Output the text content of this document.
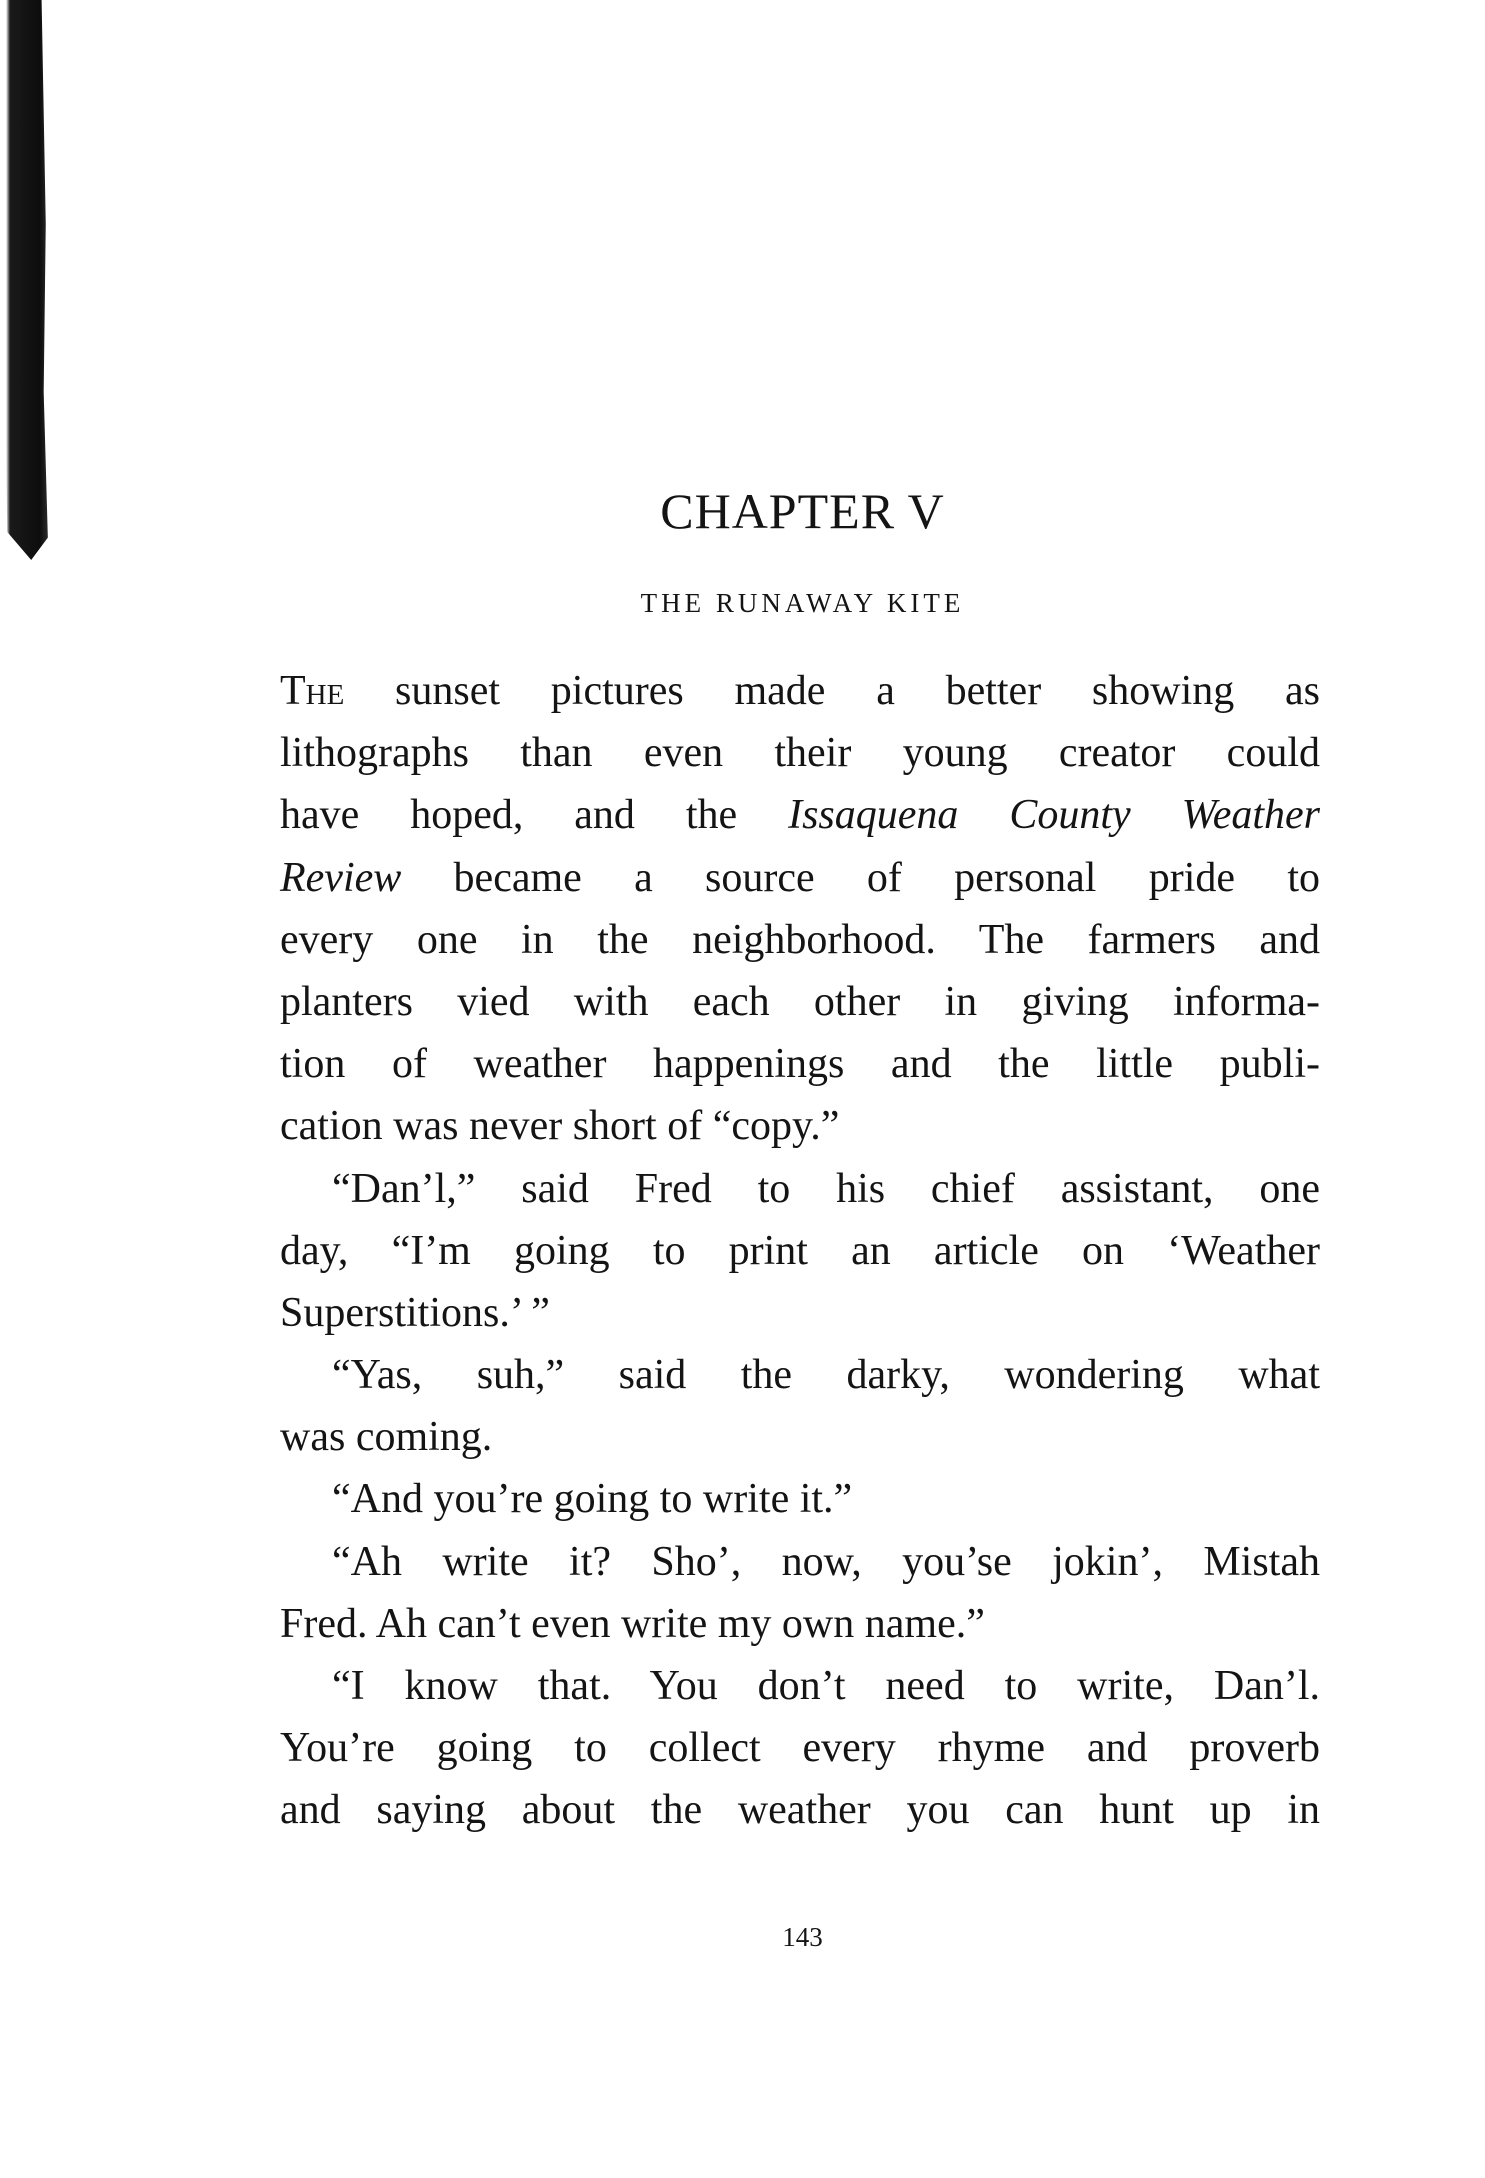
CHAPTER V
THE RUNAWAY KITE
The sunset pictures made a better showing as
lithographs than even their young creator could
have hoped, and the Issaquena County Weather
Review became a source of personal pride to
every one in the neighborhood. The farmers and
planters vied with each other in giving informa-
tion of weather happenings and the little publi-
cation was never short of “copy.”
“Dan’l,” said Fred to his chief assistant, one
day, “I’m going to print an article on ‘Weather
Superstitions.’ ”
“Yas, suh,” said the darky, wondering what
was coming.
“And you’re going to write it.”
“Ah write it? Sho’, now, you’se jokin’, Mistah
Fred. Ah can’t even write my own name.”
“I know that. You don’t need to write, Dan’l.
You’re going to collect every rhyme and proverb
and saying about the weather you can hunt up in
143
